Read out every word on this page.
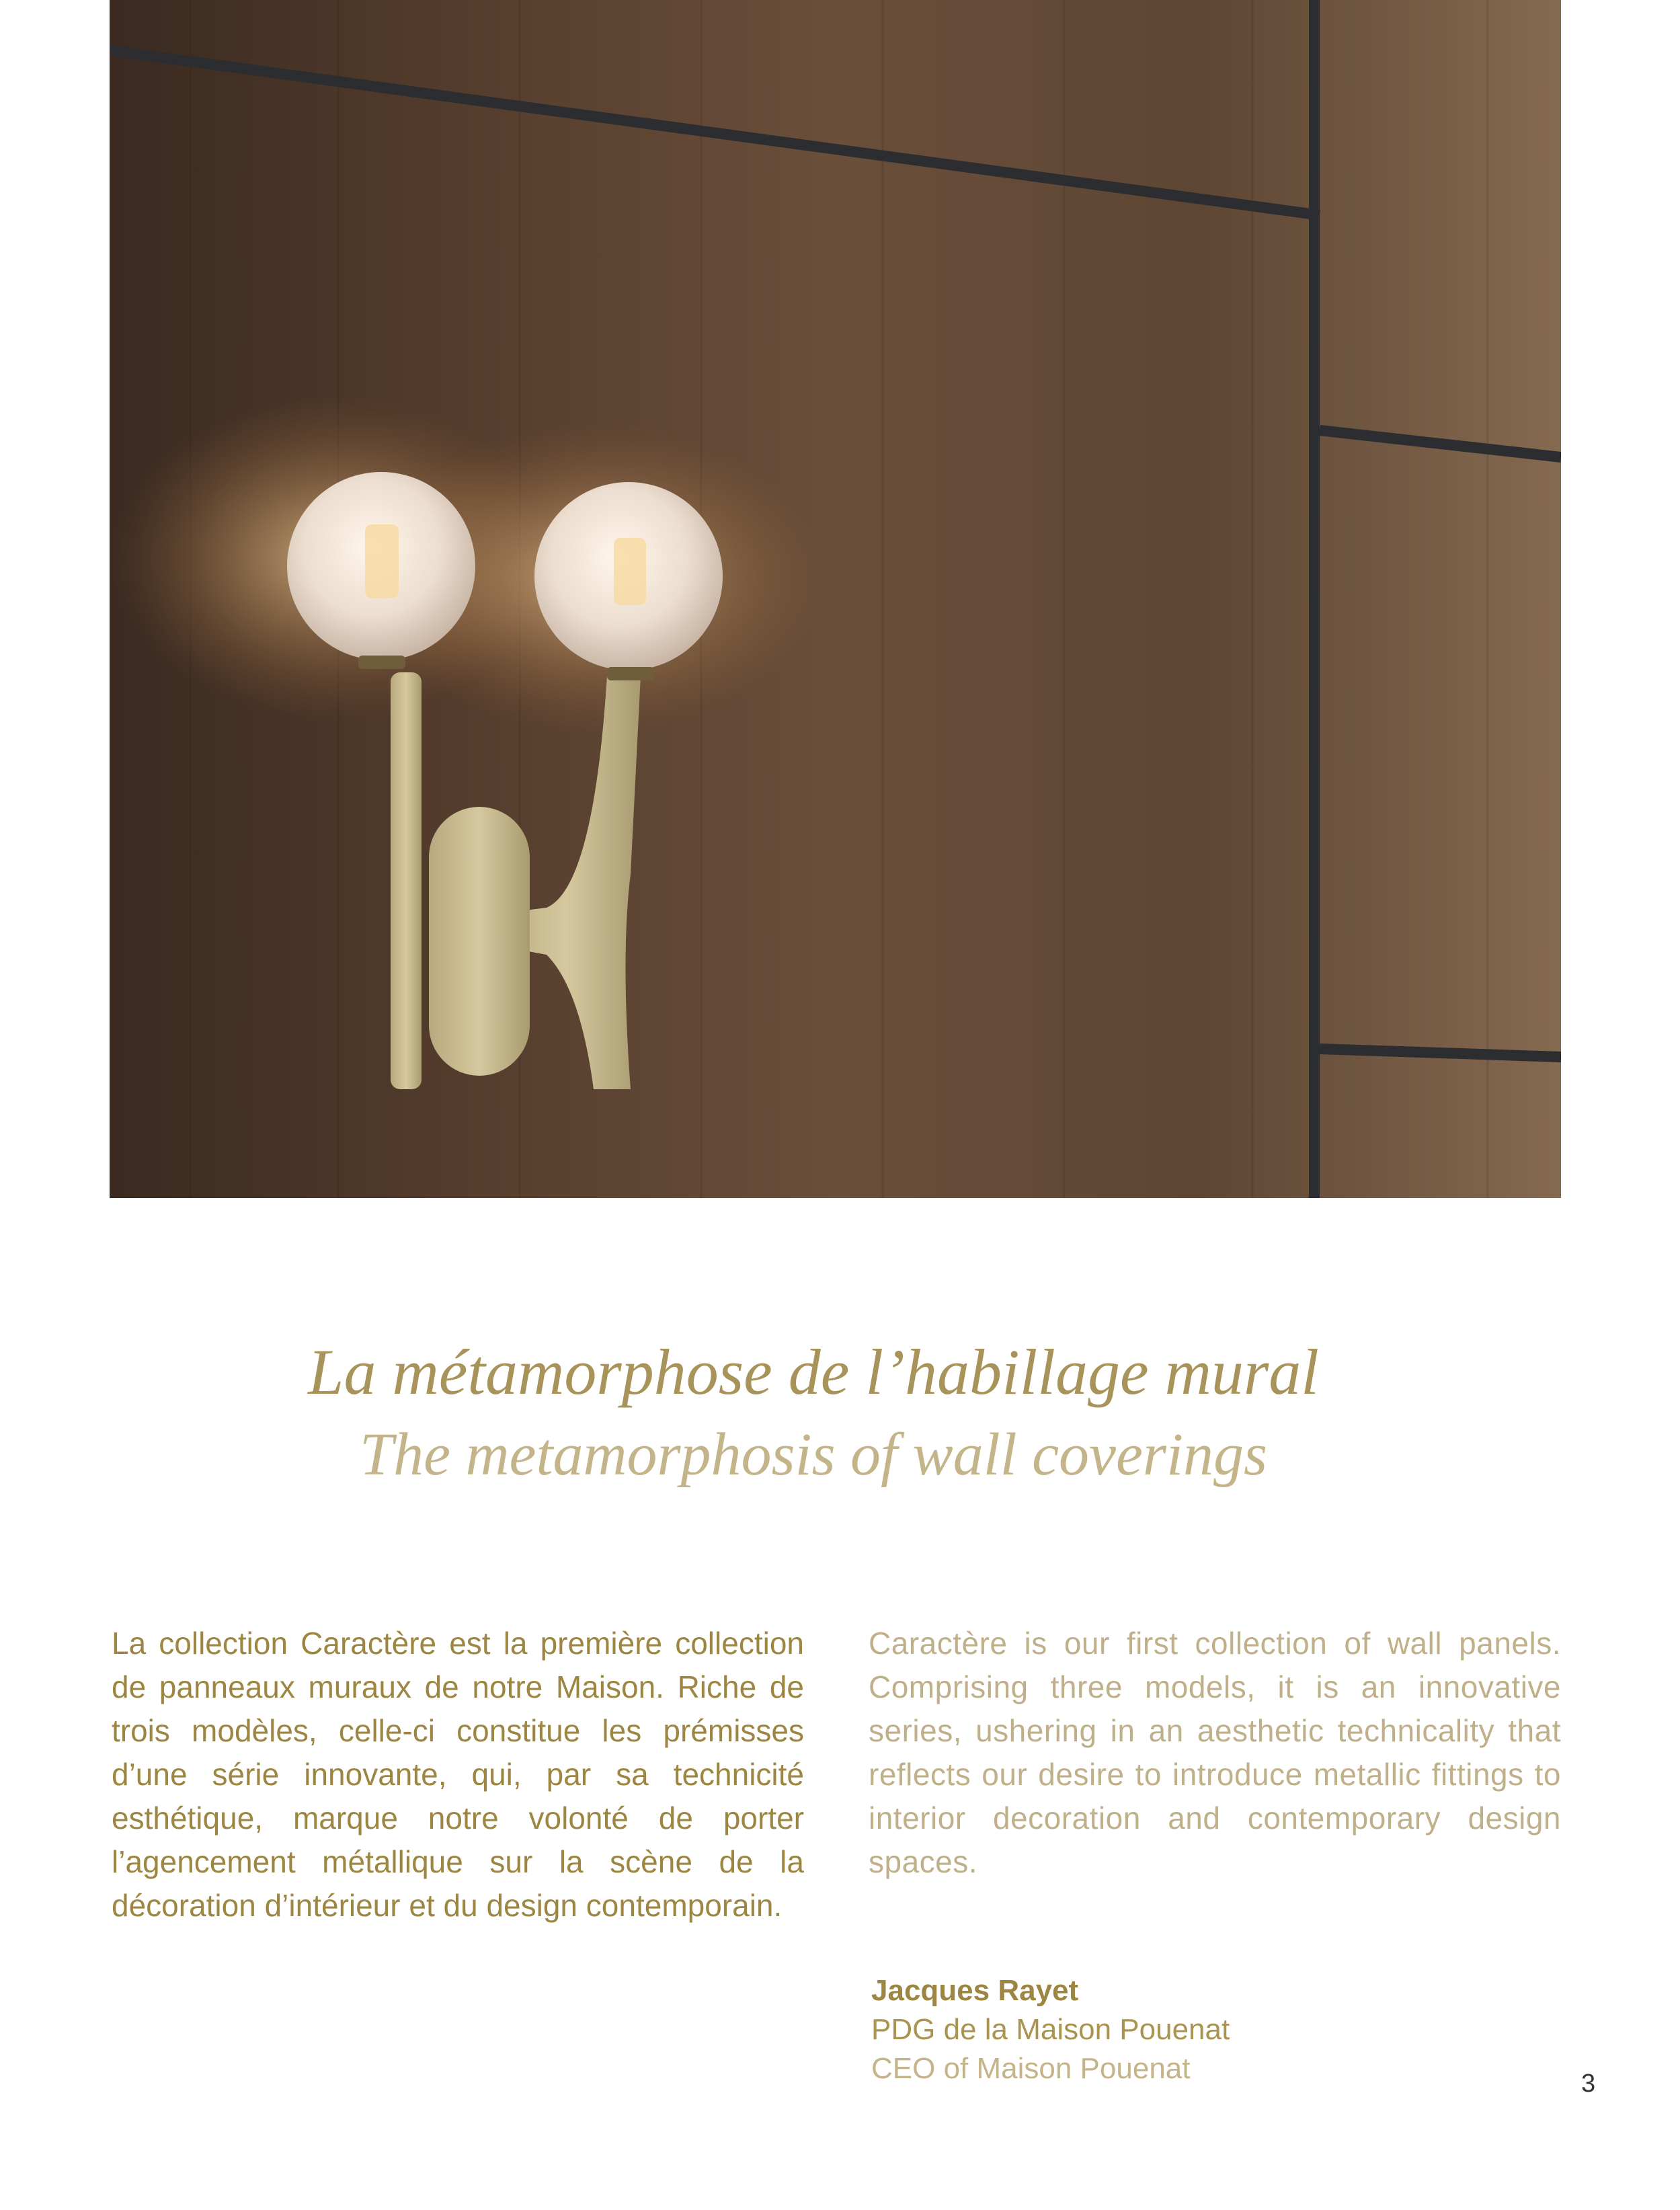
La métamorphose de l’habillage mural
The metamorphosis of wall coverings

La collection Caractère est la première collection de panneaux muraux de notre Maison. Riche de trois modèles, celle-ci constitue les prémisses d’une série innovante, qui, par sa technicité esthétique, marque notre volonté de porter l’agencement métallique sur la scène de la décoration d’intérieur et du design contemporain.

Caractère is our first collection of wall panels. Comprising three models, it is an innovative series, ushering in an aesthetic technicality that reflects our desire to introduce metallic fittings to interior decoration and contemporary design spaces.

Jacques Rayet
PDG de la Maison Pouenat
CEO of Maison Pouenat	3
